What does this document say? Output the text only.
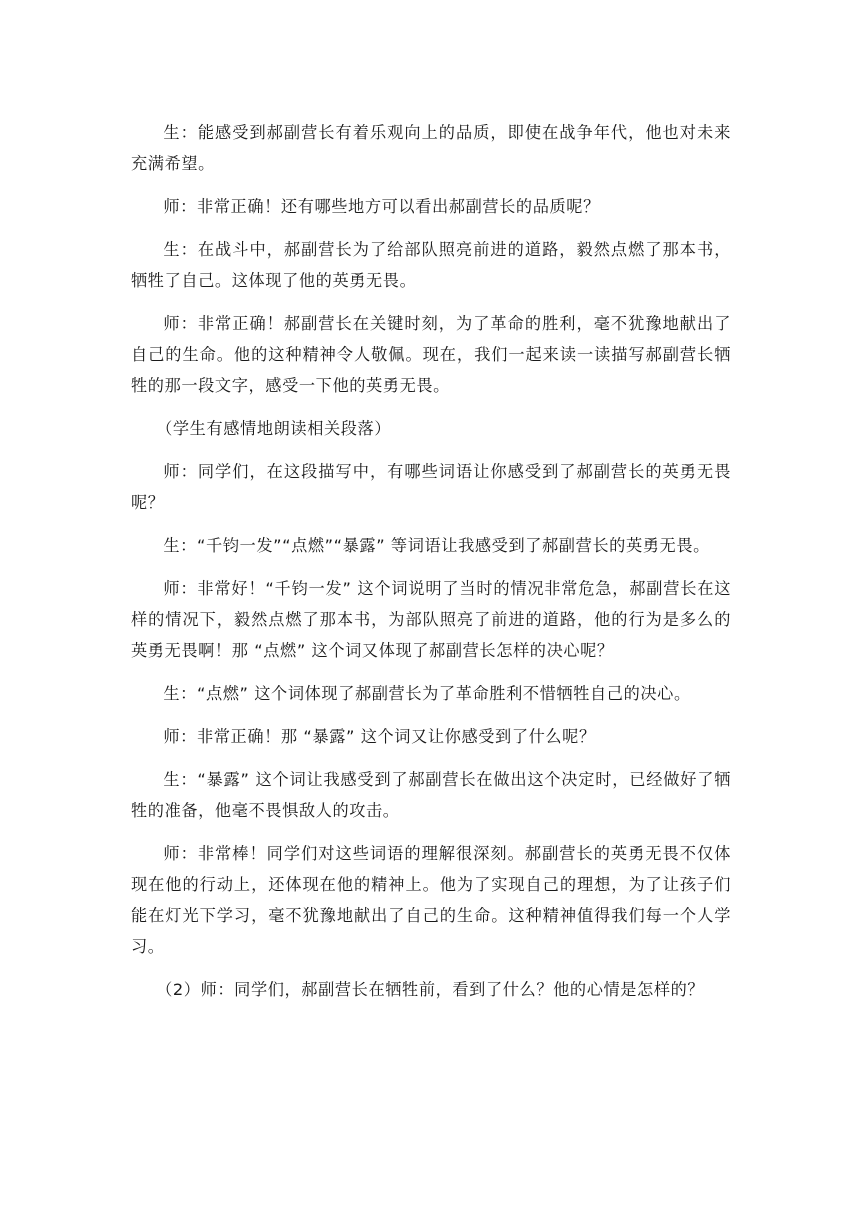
生：能感受到郝副营长有着乐观向上的品质，即使在战争年代，他也对未来充满希望。

师：非常正确！还有哪些地方可以看出郝副营长的品质呢？

生：在战斗中，郝副营长为了给部队照亮前进的道路，毅然点燃了那本书，牺牲了自己。这体现了他的英勇无畏。

师：非常正确！郝副营长在关键时刻，为了革命的胜利，毫不犹豫地献出了自己的生命。他的这种精神令人敬佩。现在，我们一起来读一读描写郝副营长牺牲的那一段文字，感受一下他的英勇无畏。

（学生有感情地朗读相关段落）

师：同学们，在这段描写中，有哪些词语让你感受到了郝副营长的英勇无畏呢？

生：“千钧一发”“点燃”“暴露” 等词语让我感受到了郝副营长的英勇无畏。

师：非常好！“千钧一发” 这个词说明了当时的情况非常危急，郝副营长在这样的情况下，毅然点燃了那本书，为部队照亮了前进的道路，他的行为是多么的英勇无畏啊！那 “点燃” 这个词又体现了郝副营长怎样的决心呢？

生：“点燃” 这个词体现了郝副营长为了革命胜利不惜牺牲自己的决心。

师：非常正确！那 “暴露” 这个词又让你感受到了什么呢？

生：“暴露” 这个词让我感受到了郝副营长在做出这个决定时，已经做好了牺牲的准备，他毫不畏惧敌人的攻击。

师：非常棒！同学们对这些词语的理解很深刻。郝副营长的英勇无畏不仅体现在他的行动上，还体现在他的精神上。他为了实现自己的理想，为了让孩子们能在灯光下学习，毫不犹豫地献出了自己的生命。这种精神值得我们每一个人学习。

（2）师：同学们，郝副营长在牺牲前，看到了什么？他的心情是怎样的？
